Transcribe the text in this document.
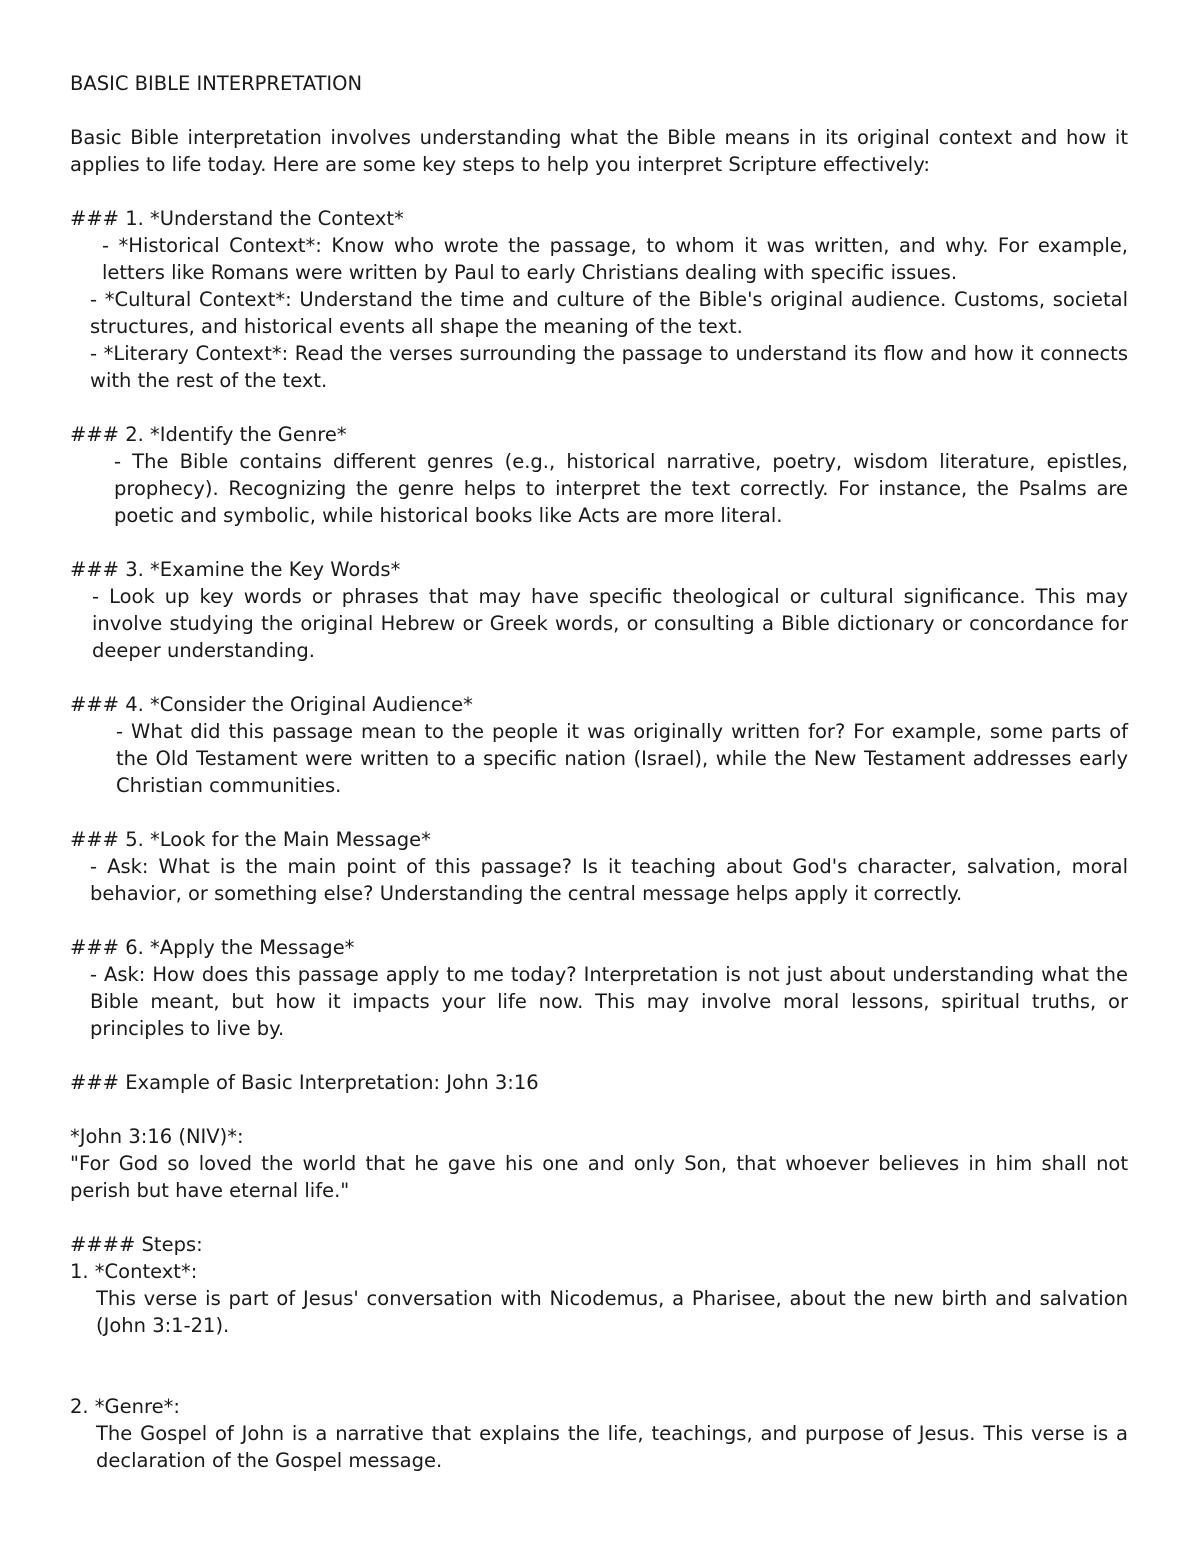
BASIC BIBLE INTERPRETATION
Basic Bible interpretation involves understanding what the Bible means in its original context and how it applies to life today. Here are some key steps to help you interpret Scripture effectively:
### 1. *Understand the Context*
- *Historical Context*: Know who wrote the passage, to whom it was written, and why. For example, letters like Romans were written by Paul to early Christians dealing with specific issues.
- *Cultural Context*: Understand the time and culture of the Bible's original audience. Customs, societal structures, and historical events all shape the meaning of the text.
- *Literary Context*: Read the verses surrounding the passage to understand its flow and how it connects with the rest of the text.
### 2. *Identify the Genre*
- The Bible contains different genres (e.g., historical narrative, poetry, wisdom literature, epistles, prophecy). Recognizing the genre helps to interpret the text correctly. For instance, the Psalms are poetic and symbolic, while historical books like Acts are more literal.
### 3. *Examine the Key Words*
- Look up key words or phrases that may have specific theological or cultural significance. This may involve studying the original Hebrew or Greek words, or consulting a Bible dictionary or concordance for deeper understanding.
### 4. *Consider the Original Audience*
- What did this passage mean to the people it was originally written for? For example, some parts of the Old Testament were written to a specific nation (Israel), while the New Testament addresses early Christian communities.
### 5. *Look for the Main Message*
- Ask: What is the main point of this passage? Is it teaching about God's character, salvation, moral behavior, or something else? Understanding the central message helps apply it correctly.
### 6. *Apply the Message*
- Ask: How does this passage apply to me today? Interpretation is not just about understanding what the Bible meant, but how it impacts your life now. This may involve moral lessons, spiritual truths, or principles to live by.
### Example of Basic Interpretation: John 3:16
*John 3:16 (NIV)*:
"For God so loved the world that he gave his one and only Son, that whoever believes in him shall not perish but have eternal life."
#### Steps:
1. *Context*:
This verse is part of Jesus' conversation with Nicodemus, a Pharisee, about the new birth and salvation (John 3:1-21).
2. *Genre*:
The Gospel of John is a narrative that explains the life, teachings, and purpose of Jesus. This verse is a declaration of the Gospel message.
